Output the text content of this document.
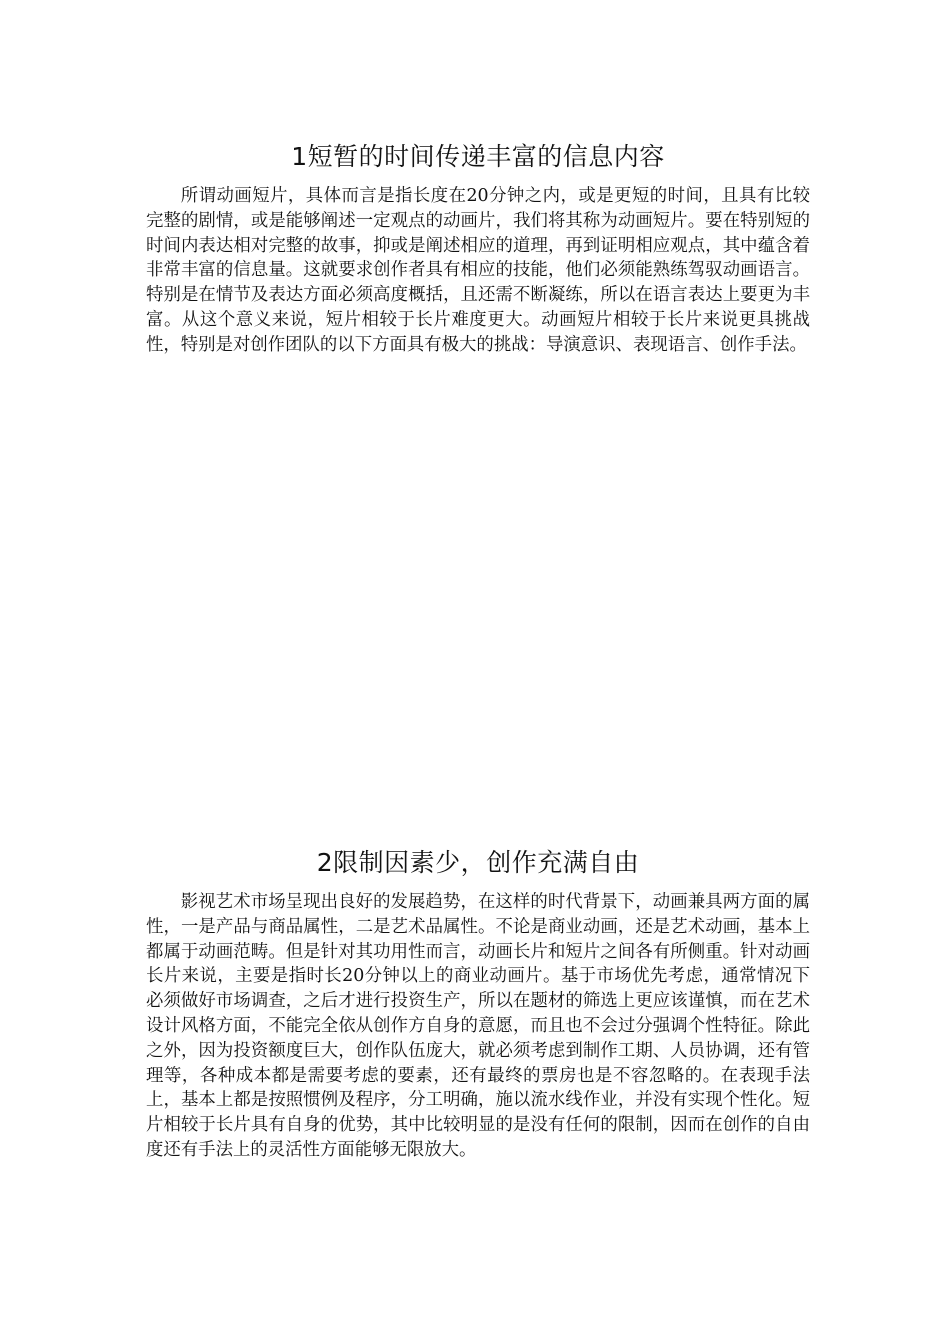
1短暂的时间传递丰富的信息内容

所谓动画短片，具体而言是指长度在20分钟之内，或是更短的时间，且具有比较完整的剧情，或是能够阐述一定观点的动画片，我们将其称为动画短片。要在特别短的时间内表达相对完整的故事，抑或是阐述相应的道理，再到证明相应观点，其中蕴含着非常丰富的信息量。这就要求创作者具有相应的技能，他们必须能熟练驾驭动画语言。特别是在情节及表达方面必须高度概括，且还需不断凝练，所以在语言表达上要更为丰富。从这个意义来说，短片相较于长片难度更大。动画短片相较于长片来说更具挑战性，特别是对创作团队的以下方面具有极大的挑战：导演意识、表现语言、创作手法。

2限制因素少，创作充满自由

影视艺术市场呈现出良好的发展趋势，在这样的时代背景下，动画兼具两方面的属性，一是产品与商品属性，二是艺术品属性。不论是商业动画，还是艺术动画，基本上都属于动画范畴。但是针对其功用性而言，动画长片和短片之间各有所侧重。针对动画长片来说，主要是指时长20分钟以上的商业动画片。基于市场优先考虑，通常情况下必须做好市场调查，之后才进行投资生产，所以在题材的筛选上更应该谨慎，而在艺术设计风格方面，不能完全依从创作方自身的意愿，而且也不会过分强调个性特征。除此之外，因为投资额度巨大，创作队伍庞大，就必须考虑到制作工期、人员协调，还有管理等，各种成本都是需要考虑的要素，还有最终的票房也是不容忽略的。在表现手法上，基本上都是按照惯例及程序，分工明确，施以流水线作业，并没有实现个性化。短片相较于长片具有自身的优势，其中比较明显的是没有任何的限制，因而在创作的自由度还有手法上的灵活性方面能够无限放大。
